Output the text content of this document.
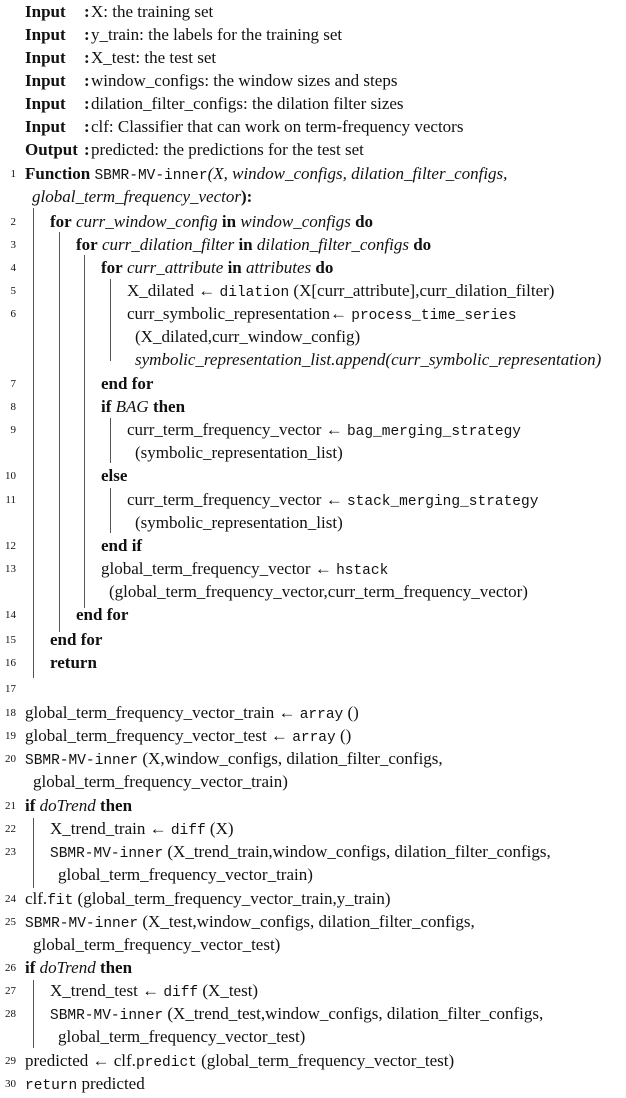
Input	: X: the training set
Input	: y_train: the labels for the training set
Input	: X_test: the test set
Input	: window_configs: the window sizes and steps
Input	: dilation_filter_configs: the dilation filter sizes
Input	: clf: Classifier that can work on term-frequency vectors
Output : predicted: the predictions for the test set
1 Function SBMR-MV-inner(X, window_configs, dilation_filter_configs,
global_term_frequency_vector):
2 for curr_window_config in window_configs do
3	for curr_dilation_filter in dilation_filter_configs do
4	for curr_attribute in attributes do
5	X_dilated ← dilation (X[curr_attribute],curr_dilation_filter)
6	curr_symbolic_representation← process_time_series
(X_dilated,curr_window_config)
symbolic_representation_list.append(curr_symbolic_representation)
7	end for
8	if BAG then
9	curr_term_frequency_vector ← bag_merging_strategy
(symbolic_representation_list)
10	else
11	curr_term_frequency_vector ← stack_merging_strategy
(symbolic_representation_list)
12	end if
13	global_term_frequency_vector ← hstack
(global_term_frequency_vector,curr_term_frequency_vector)
14	end for
15 end for
16 return
17
18 global_term_frequency_vector_train ← array ()
19 global_term_frequency_vector_test ← array ()
20 SBMR-MV-inner (X,window_configs, dilation_filter_configs,
global_term_frequency_vector_train)
21 if doTrend then
22 X_trend_train ← diff (X)
23 SBMR-MV-inner (X_trend_train,window_configs, dilation_filter_configs,
global_term_frequency_vector_train)
24 clf.fit (global_term_frequency_vector_train,y_train)
25 SBMR-MV-inner (X_test,window_configs, dilation_filter_configs,
global_term_frequency_vector_test)
26 if doTrend then
27 X_trend_test ← diff (X_test)
28 SBMR-MV-inner (X_trend_test,window_configs, dilation_filter_configs,
global_term_frequency_vector_test)
29 predicted ← clf.predict (global_term_frequency_vector_test)
30 return predicted
